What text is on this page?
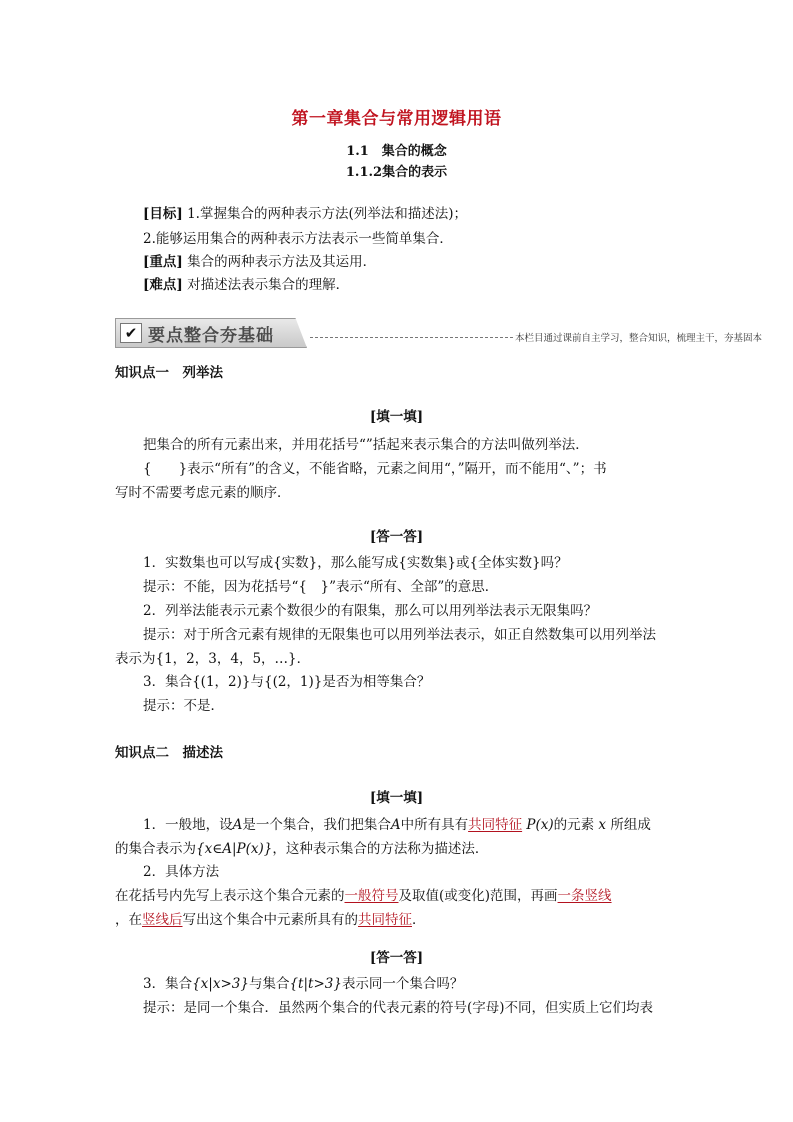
第一章集合与常用逻辑用语
1.1　集合的概念
1.1.2集合的表示
[目标] 1.掌握集合的两种表示方法(列举法和描述法)；
2.能够运用集合的两种表示方法表示一些简单集合．
[重点] 集合的两种表示方法及其运用．
[难点] 对描述法表示集合的理解．
✔ 要点整合夯基础	本栏目通过课前自主学习，整合知识，梳理主干，夯基固本
知识点一　列举法
[填一填]
把集合的所有元素出来，并用花括号“”括起来表示集合的方法叫做列举法．
{　　}表示“所有”的含义，不能省略，元素之间用“，”隔开，而不能用“、”；书
写时不需要考虑元素的顺序．
[答一答]
1．实数集也可以写成{实数}，那么能写成{实数集}或{全体实数}吗？
提示：不能，因为花括号“{　}”表示“所有、全部”的意思．
2．列举法能表示元素个数很少的有限集，那么可以用列举法表示无限集吗？
提示：对于所含元素有规律的无限集也可以用列举法表示，如正自然数集可以用列举法
表示为{1，2，3，4，5，…}．
3．集合{(1，2)}与{(2，1)}是否为相等集合？
提示：不是．
知识点二　描述法
[填一填]
1．一般地，设A是一个集合，我们把集合A中所有具有共同特征 P(x)的元素 x 所组成
的集合表示为{x∈A|P(x)}，这种表示集合的方法称为描述法．
2．具体方法
在花括号内先写上表示这个集合元素的一般符号及取值(或变化)范围，再画一条竖线
，在竖线后写出这个集合中元素所具有的共同特征．
[答一答]
3．集合{x|x>3}与集合{t|t>3}表示同一个集合吗？
提示：是同一个集合．虽然两个集合的代表元素的符号(字母)不同，但实质上它们均表
